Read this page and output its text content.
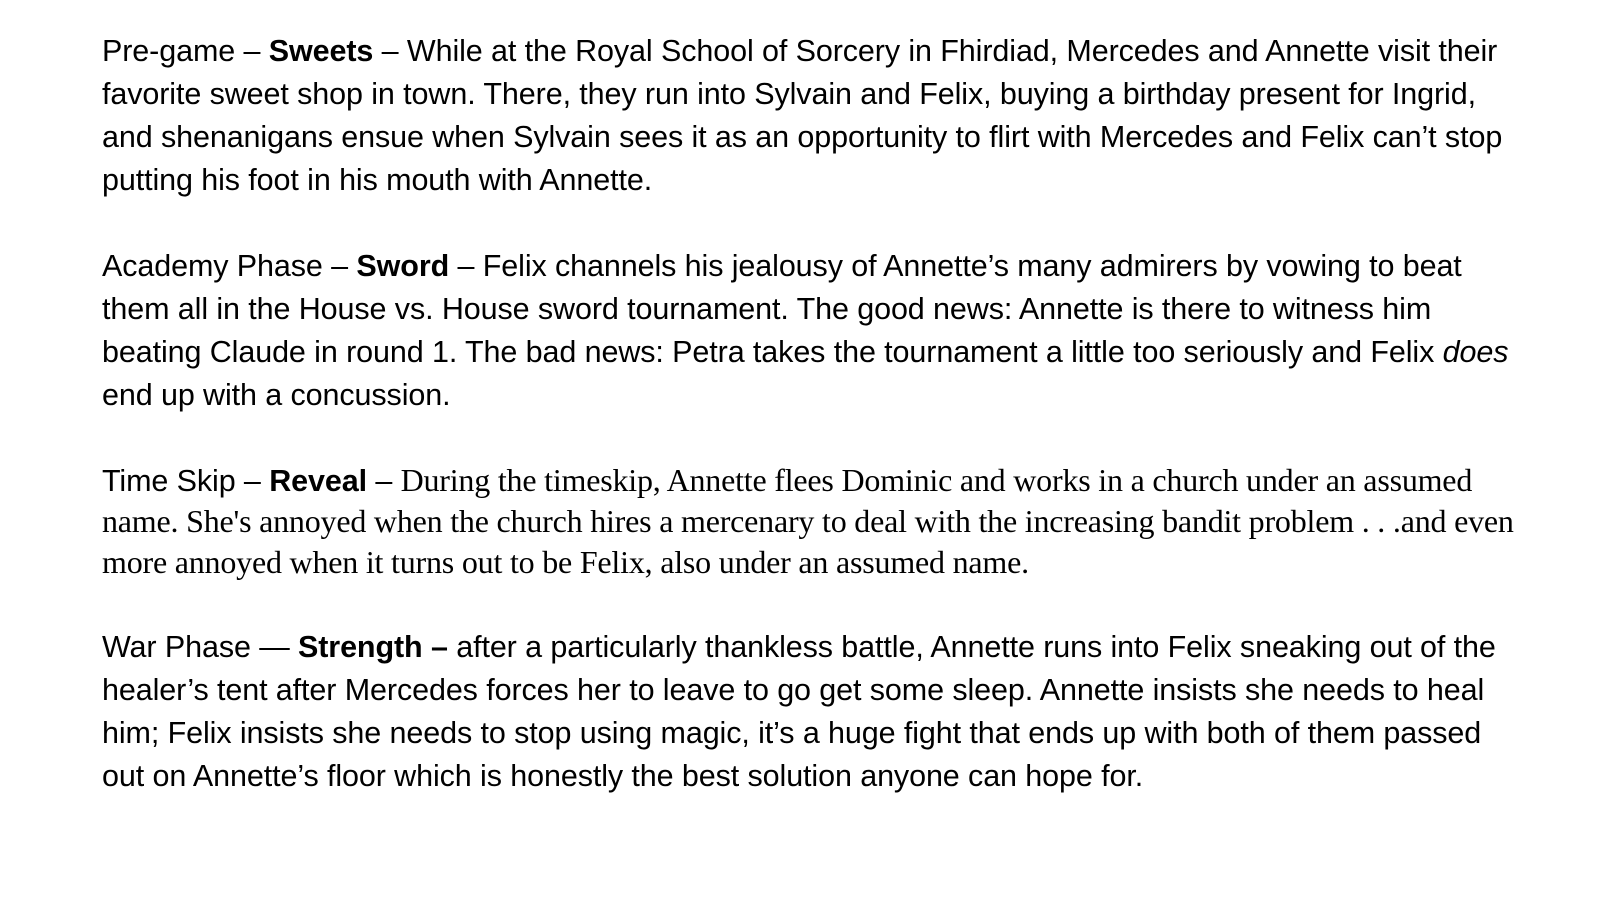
Pre-game – Sweets – While at the Royal School of Sorcery in Fhirdiad, Mercedes and Annette visit their favorite sweet shop in town. There, they run into Sylvain and Felix, buying a birthday present for Ingrid, and shenanigans ensue when Sylvain sees it as an opportunity to flirt with Mercedes and Felix can’t stop putting his foot in his mouth with Annette.

Academy Phase – Sword – Felix channels his jealousy of Annette’s many admirers by vowing to beat them all in the House vs. House sword tournament. The good news: Annette is there to witness him beating Claude in round 1. The bad news: Petra takes the tournament a little too seriously and Felix does end up with a concussion.

Time Skip – Reveal – During the timeskip, Annette flees Dominic and works in a church under an assumed name. She's annoyed when the church hires a mercenary to deal with the increasing bandit problem . . .and even more annoyed when it turns out to be Felix, also under an assumed name.

War Phase — Strength – after a particularly thankless battle, Annette runs into Felix sneaking out of the healer’s tent after Mercedes forces her to leave to go get some sleep. Annette insists she needs to heal him; Felix insists she needs to stop using magic, it’s a huge fight that ends up with both of them passed out on Annette’s floor which is honestly the best solution anyone can hope for.
